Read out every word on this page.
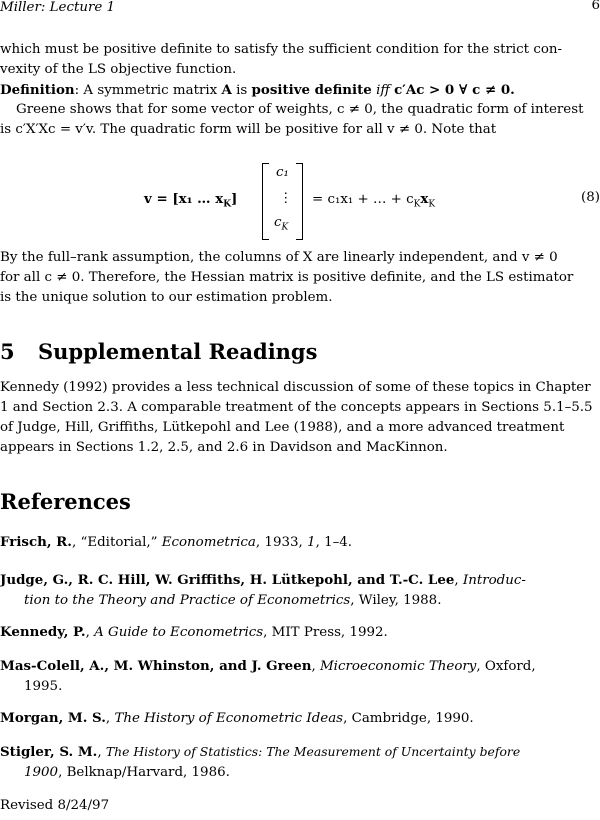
Miller: Lecture 1	6
which must be positive definite to satisfy the sufficient condition for the strict con-
vexity of the LS objective function.
Definition: A symmetric matrix A is positive definite iff c′Ac > 0 ∀ c ≠ 0.
Greene shows that for some vector of weights, c ≠ 0, the quadratic form of interest
is c′X′Xc = v′v. The quadratic form will be positive for all v ≠ 0. Note that
v = [x₁ … $x_K$]
c₁
⋮
$c_K$
= c₁x₁ + … + $c_Kx_K$	(8)
By the full–rank assumption, the columns of X are linearly independent, and v ≠ 0
for all c ≠ 0. Therefore, the Hessian matrix is positive definite, and the LS estimator
is the unique solution to our estimation problem.
5 Supplemental Readings
Kennedy (1992) provides a less technical discussion of some of these topics in Chapter
1 and Section 2.3. A comparable treatment of the concepts appears in Sections 5.1–5.5
of Judge, Hill, Griffiths, Lütkepohl and Lee (1988), and a more advanced treatment
appears in Sections 1.2, 2.5, and 2.6 in Davidson and MacKinnon.
References
Frisch, R., “Editorial,” Econometrica, 1933, 1, 1–4.
Judge, G., R. C. Hill, W. Griffiths, H. Lütkepohl, and T.-C. Lee, Introduc-
tion to the Theory and Practice of Econometrics, Wiley, 1988.
Kennedy, P., A Guide to Econometrics, MIT Press, 1992.
Mas-Colell, A., M. Whinston, and J. Green, Microeconomic Theory, Oxford,
1995.
Morgan, M. S., The History of Econometric Ideas, Cambridge, 1990.
Stigler, S. M., The History of Statistics: The Measurement of Uncertainty before
1900, Belknap/Harvard, 1986.
Revised 8/24/97
